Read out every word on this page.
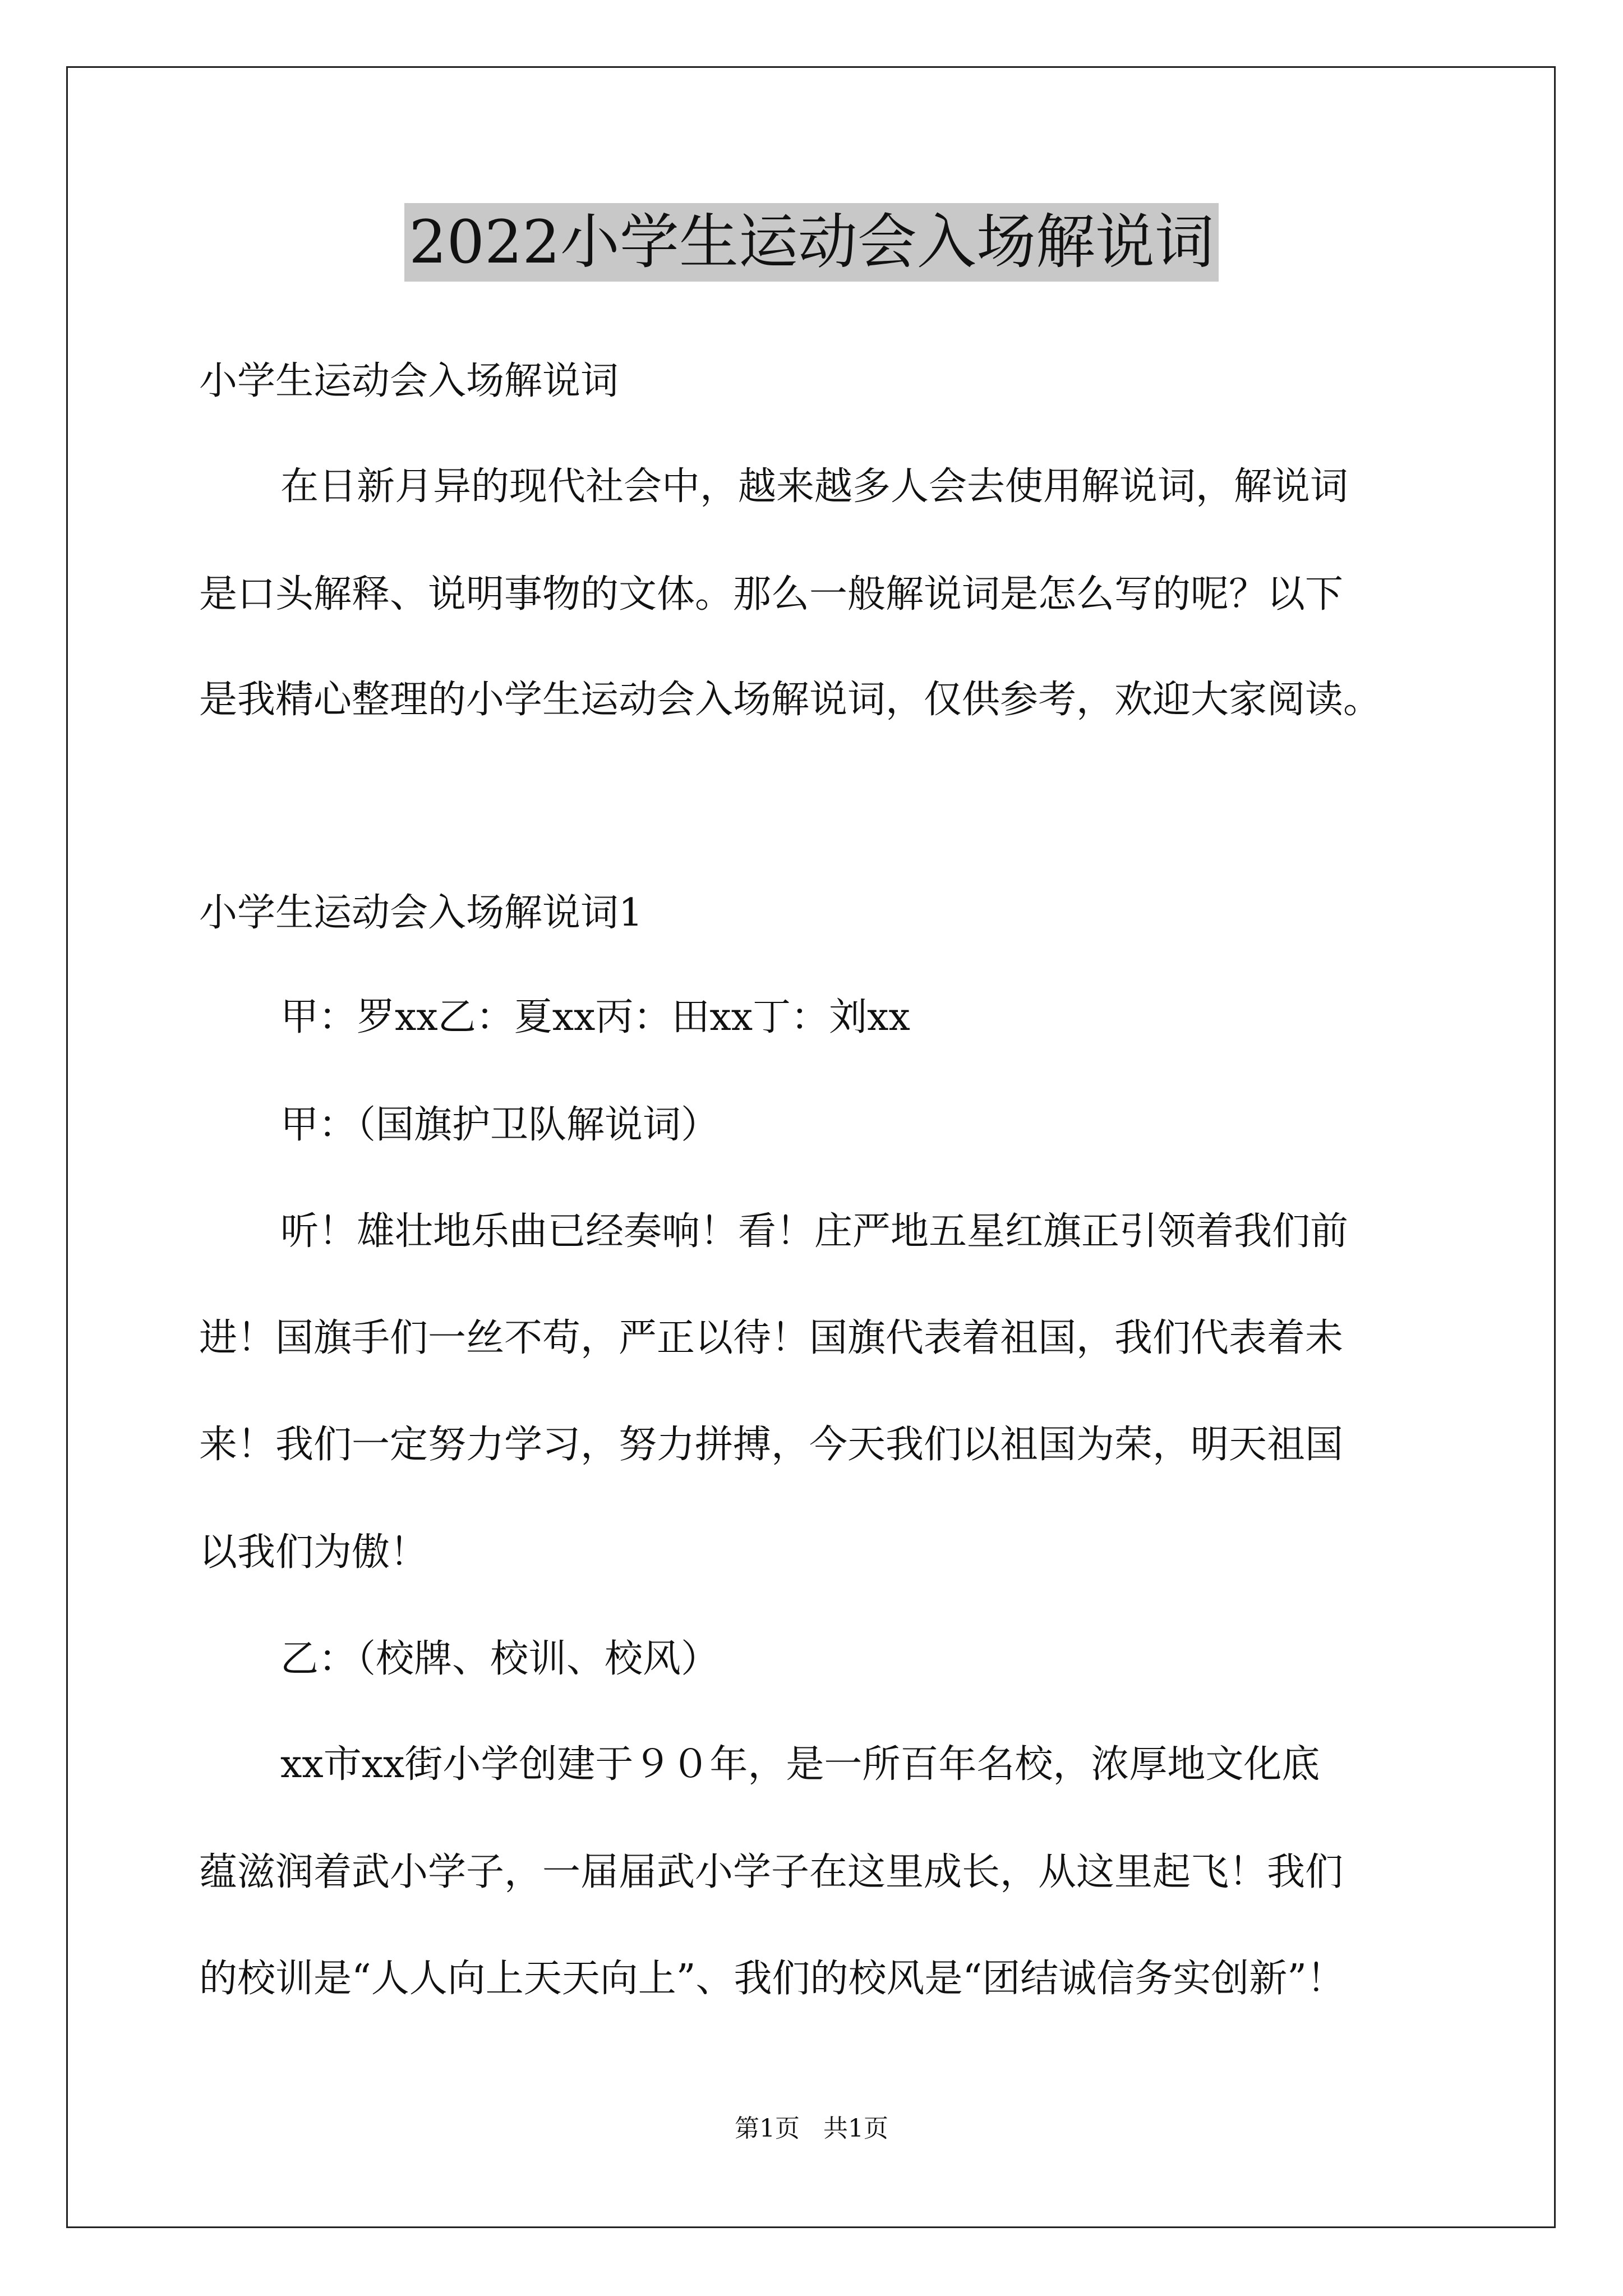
2022小学生运动会入场解说词
小学生运动会入场解说词
在日新月异的现代社会中，越来越多人会去使用解说词，解说词
是口头解释、说明事物的文体。那么一般解说词是怎么写的呢？以下
是我精心整理的小学生运动会入场解说词，仅供参考，欢迎大家阅读。
小学生运动会入场解说词1
甲：罗xx乙：夏xx丙：田xx丁：刘xx
甲：（国旗护卫队解说词）
听！雄壮地乐曲已经奏响！看！庄严地五星红旗正引领着我们前
进！国旗手们一丝不苟，严正以待！国旗代表着祖国，我们代表着未
来！我们一定努力学习，努力拼搏，今天我们以祖国为荣，明天祖国
以我们为傲！
乙：（校牌、校训、校风）
xx市xx街小学创建于９０年，是一所百年名校，浓厚地文化底
蕴滋润着武小学子，一届届武小学子在这里成长，从这里起飞！我们
的校训是“人人向上天天向上”、我们的校风是“团结诚信务实创新”！
第1页   共1页
